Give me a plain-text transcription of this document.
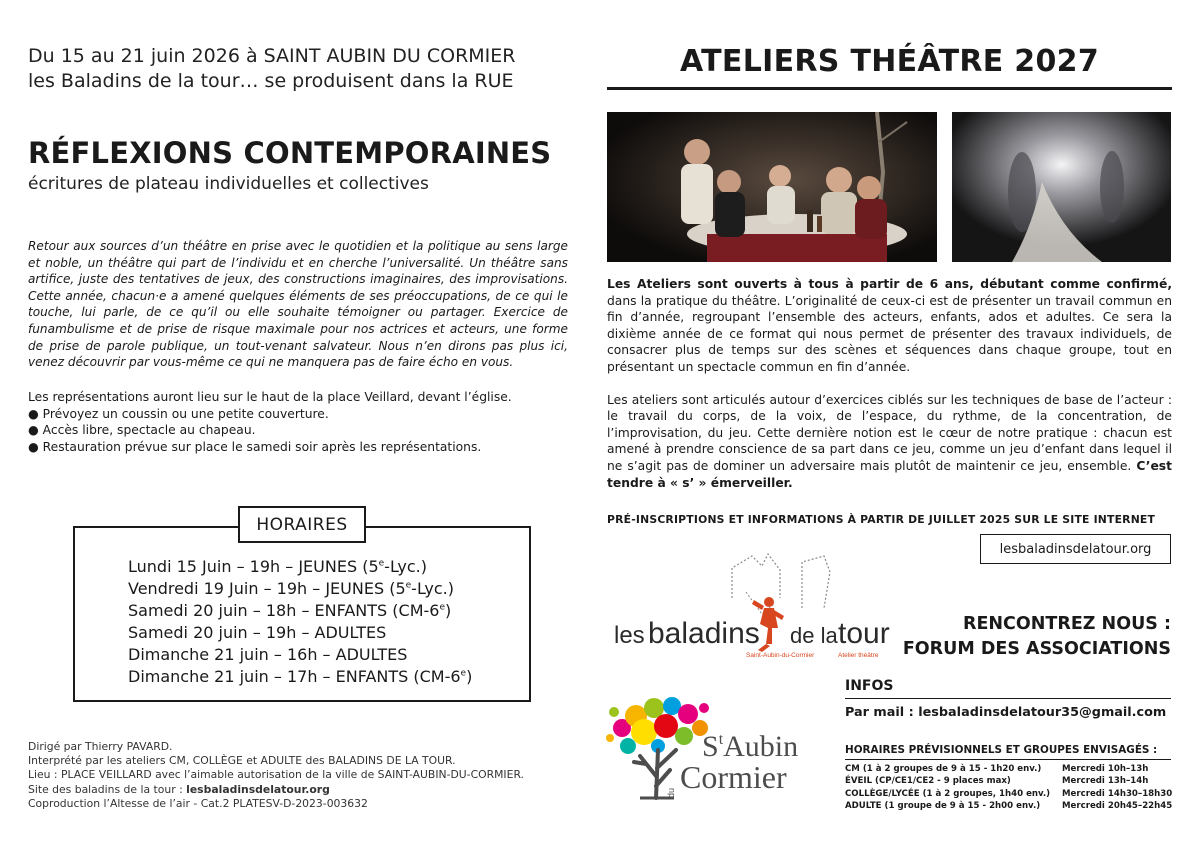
Du 15 au 21 juin 2026 à SAINT AUBIN DU CORMIER
les Baladins de la tour… se produisent dans la RUE
RÉFLEXIONS CONTEMPORAINES
écritures de plateau individuelles et collectives

Retour aux sources d’un théâtre en prise avec le quotidien et la politique au sens large et noble, un théâtre qui part de l’individu et en cherche l’universalité. Un théâtre sans artifice, juste des tentatives de jeux, des constructions imaginaires, des improvisations. Cette année, chacun·e a amené quelques éléments de ses préoccupations, de ce qui le touche, lui parle, de ce qu’il ou elle souhaite témoigner ou partager. Exercice de funambulisme et de prise de risque maximale pour nos actrices et acteurs, une forme de prise de parole publique, un tout-venant salvateur. Nous n’en dirons pas plus ici, venez découvrir par vous-même ce qui ne manquera pas de faire écho en vous.

Les représentations auront lieu sur le haut de la place Veillard, devant l’église.
● Prévoyez un coussin ou une petite couverture.
● Accès libre, spectacle au chapeau.
● Restauration prévue sur place le samedi soir après les représentations.
HORAIRES
Lundi 15 Juin – 19h – JEUNES (5e-Lyc.)
Vendredi 19 Juin – 19h – JEUNES (5e-Lyc.)
Samedi 20 juin – 18h – ENFANTS (CM-6e)
Samedi 20 juin – 19h – ADULTES
Dimanche 21 juin – 16h – ADULTES
Dimanche 21 juin – 17h – ENFANTS (CM-6e)
Dirigé par Thierry PAVARD.
Interprété par les ateliers CM, COLLÈGE et ADULTE des BALADINS DE LA TOUR.
Lieu : PLACE VEILLARD avec l’aimable autorisation de la ville de SAINT-AUBIN-DU-CORMIER.
Site des baladins de la tour : lesbaladinsdelatour.org
Coproduction l’Altesse de l’air - Cat.2 PLATESV-D-2023-003632
ATELIERS THÉÂTRE 2027

Les Ateliers sont ouverts à tous à partir de 6 ans, débutant comme confirmé, dans la pratique du théâtre. L’originalité de ceux-ci est de présenter un travail commun en fin d’année, regroupant l’ensemble des acteurs, enfants, ados et adultes. Ce sera la dixième année de ce format qui nous permet de présenter des travaux individuels, de consacrer plus de temps sur des scènes et séquences dans chaque groupe, tout en présentant un spectacle commun en fin d’année.

Les ateliers sont articulés autour d’exercices ciblés sur les techniques de base de l’acteur : le travail du corps, de la voix, de l’espace, du rythme, de la concentration, de l’improvisation, du jeu. Cette dernière notion est le cœur de notre pratique : chacun est amené à prendre conscience de sa part dans ce jeu, comme un jeu d’enfant dans lequel il ne s’agit pas de dominer un adversaire mais plutôt de maintenir ce jeu, ensemble. C’est tendre à « s’ » émerveiller.

PRÉ-INSCRIPTIONS ET INFORMATIONS À PARTIR DE JUILLET 2025 SUR LE SITE INTERNET
lesbaladinsdelatour.org
les baladins de la tour
Saint-Aubin-du-Cormier	Atelier théâtre
RENCONTREZ NOUS :
FORUM DES ASSOCIATIONS
$S^tAubin$
du Cormier
INFOS
Par mail : lesbaladinsdelatour35@gmail.com
HORAIRES PRÉVISIONNELS ET GROUPES ENVISAGÉS :
CM (1 à 2 groupes de 9 à 15 - 1h20 env.)	Mercredi 10h–13h
ÉVEIL (CP/CE1/CE2 - 9 places max)	Mercredi 13h–14h
COLLÈGE/LYCÉE (1 à 2 groupes, 1h40 env.)	Mercredi 14h30–18h30
ADULTE (1 groupe de 9 à 15 - 2h00 env.)	Mercredi 20h45–22h45
